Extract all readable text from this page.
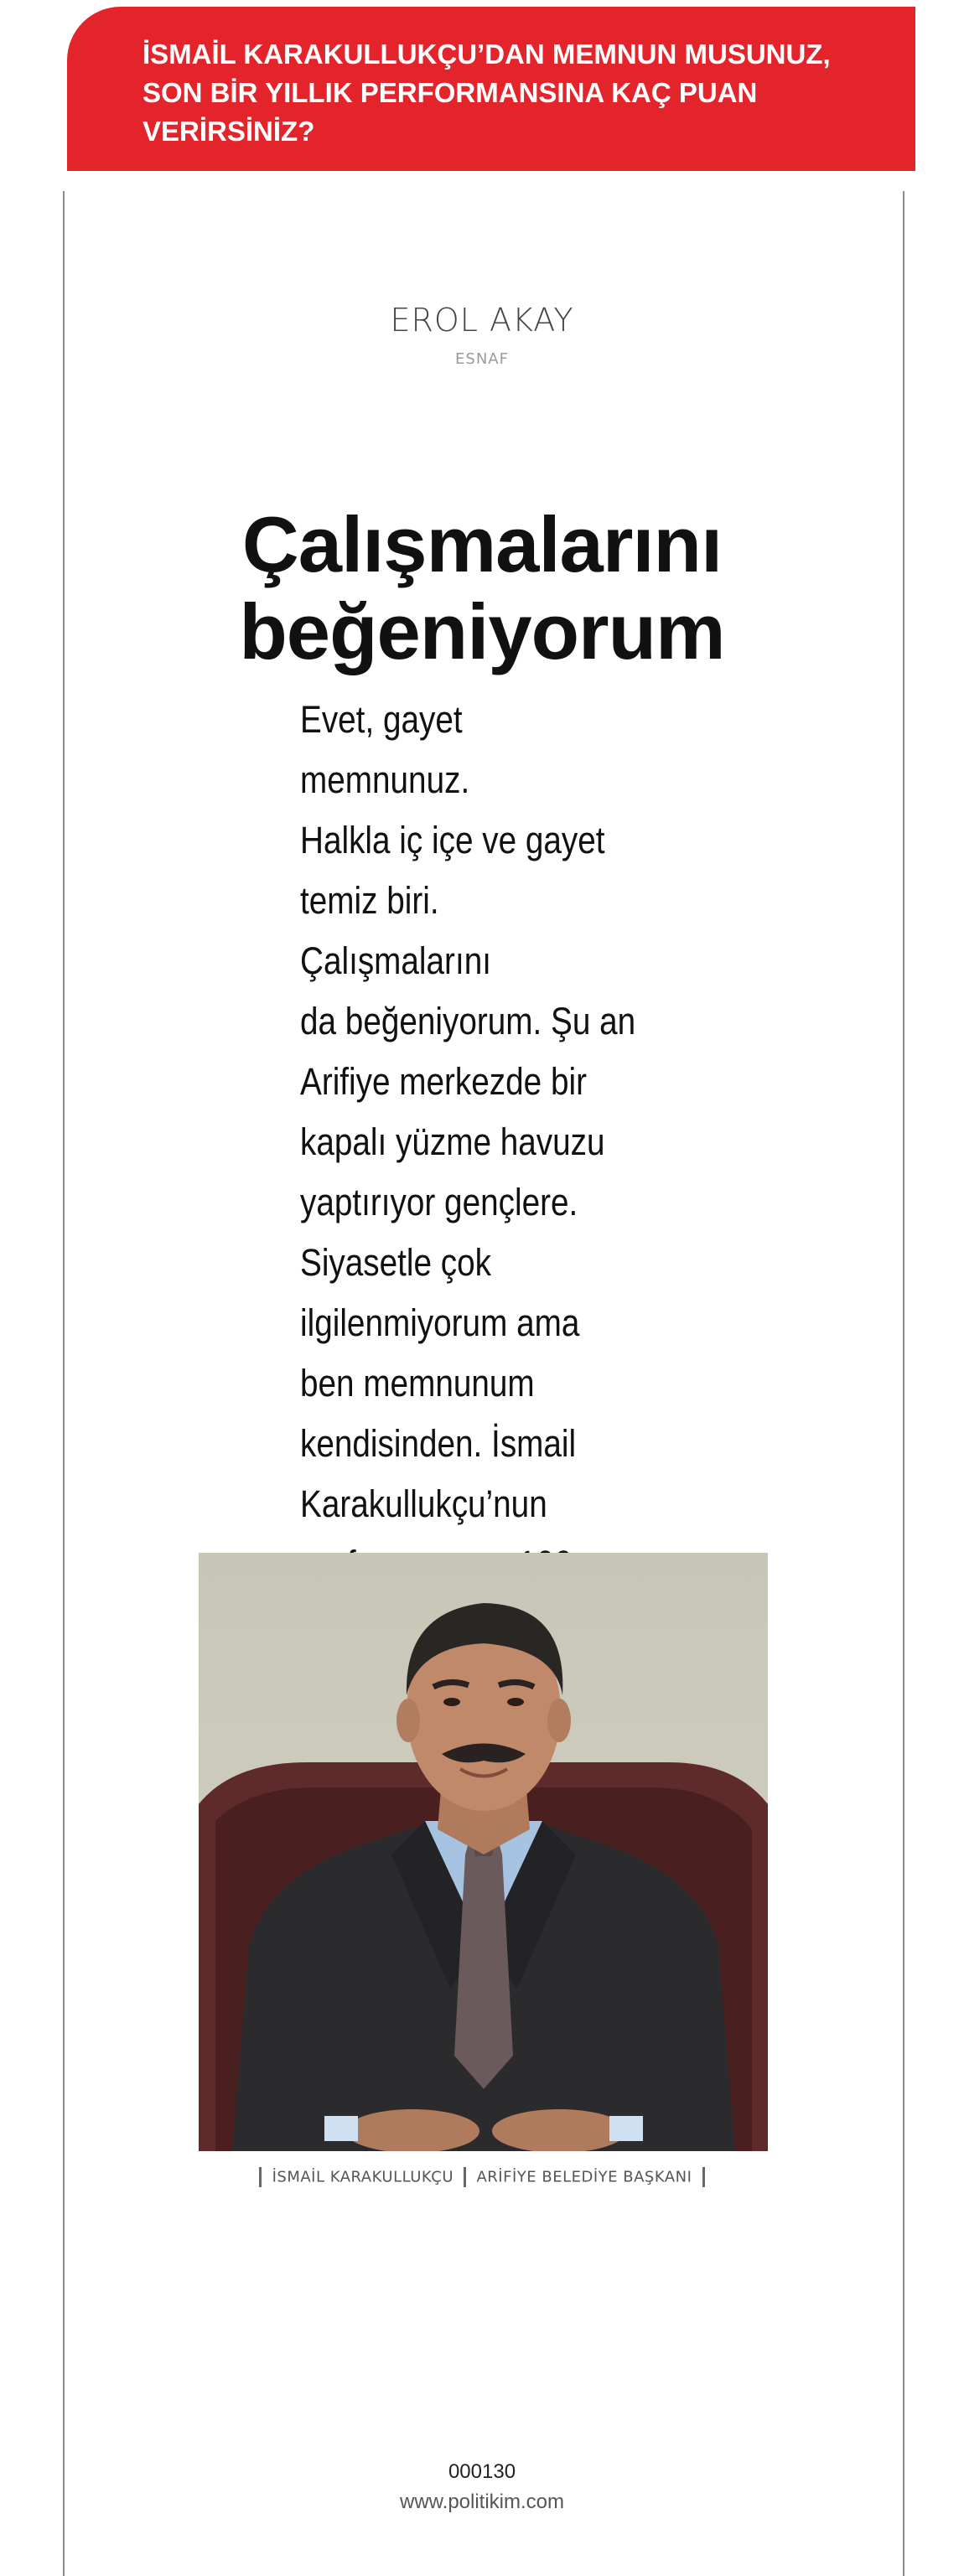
İSMAİL KARAKULLUKÇU’DAN MEMNUN MUSUNUZ, SON BİR YILLIK PERFORMANSINA KAÇ PUAN VERİRSİNİZ?

EROL AKAY

ESNAF

Çalışmalarını
beğeniyorum
Evet, gayet memnunuz.
Halkla iç içe ve gayet
temiz biri. Çalışmalarını
da beğeniyorum. Şu an
Arifiye merkezde bir
kapalı yüzme havuzu
yaptırıyor gençlere.
Siyasetle çok
ilgilenmiyorum ama
ben memnunum
kendisinden. İsmail
Karakullukçu’nun
İSMAİL KARAKULLUKÇU ARİFİYE BELEDİYE BAŞKANI
000130
www.politikim.com
